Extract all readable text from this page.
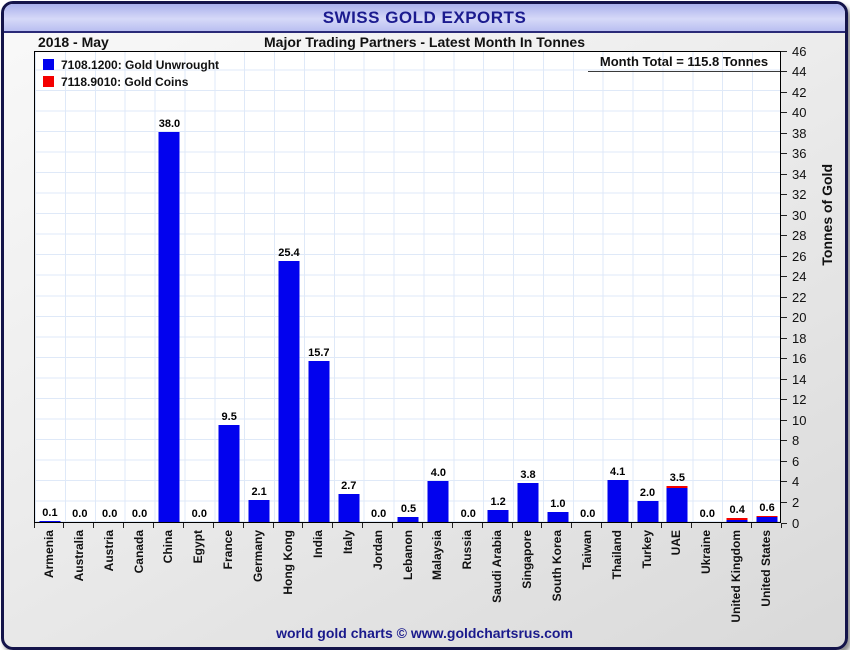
SWISS GOLD EXPORTS
2018 - May	Major Trading Partners - Latest Month In Tonnes
0.1	0.0	0.0	0.0
38.0
0.0
9.5
2.1
25.4
15.7
2.7
0.0	0.5
4.0
0.0
1.2
3.8
1.0
0.0
4.1
2.0
3.5
0.0	0.4	0.6
7108.1200: Gold Unwrought
7118.9010: Gold Coins
Month Total = 115.8 Tonnes
Armenia Australia Austria Canada China Egypt France Germany Hong Kong India Italy Jordan Lebanon Malaysia Russia Saudi Arabia Singapore South Korea Taiwan Thailand Turkey UAE Ukraine United Kingdom United States
0
2
4
6
8
10
12
14
16
18
20
22
24
26
28
30
32
34
36
38
40
42
44
46
Tonnes of Gold
world gold charts © www.goldchartsrus.com
